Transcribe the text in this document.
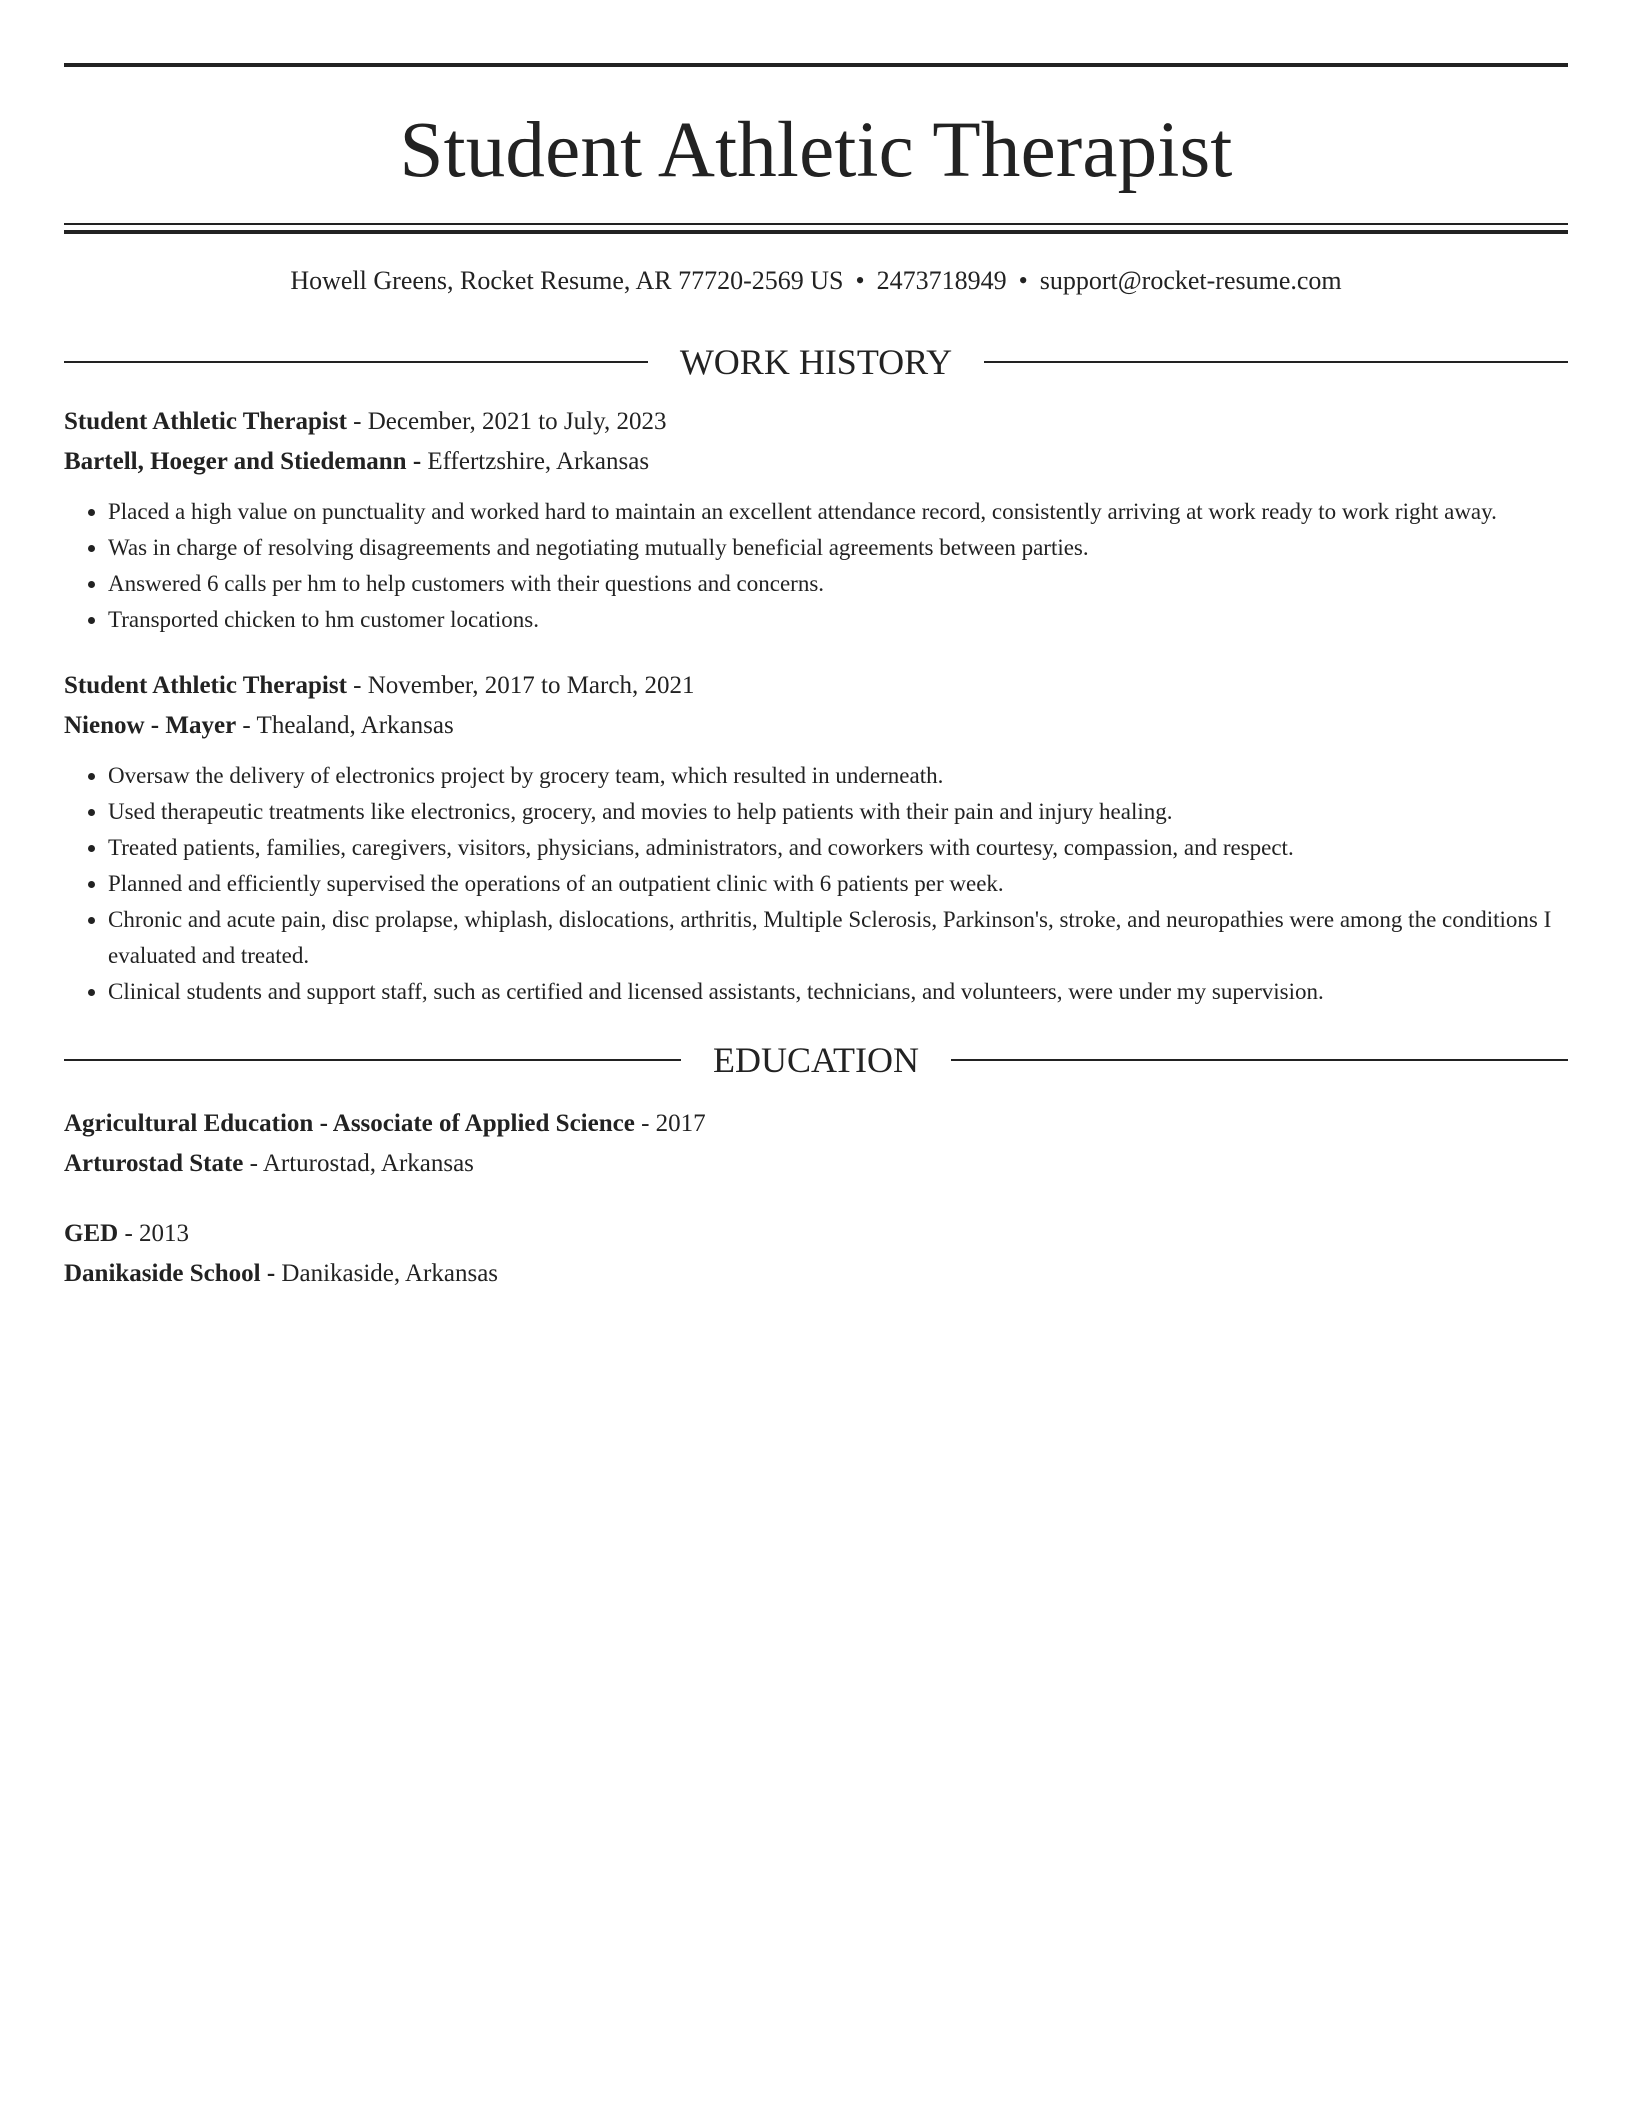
Student Athletic Therapist
Howell Greens, Rocket Resume, AR 77720-2569 US • 2473718949 • support@rocket-resume.com
WORK HISTORY
Student Athletic Therapist - December, 2021 to July, 2023
Bartell, Hoeger and Stiedemann - Effertzshire, Arkansas
• Placed a high value on punctuality and worked hard to maintain an excellent attendance record, consistently arriving at work ready to work right away.
• Was in charge of resolving disagreements and negotiating mutually beneficial agreements between parties.
• Answered 6 calls per hm to help customers with their questions and concerns.
• Transported chicken to hm customer locations.
Student Athletic Therapist - November, 2017 to March, 2021
Nienow - Mayer - Thealand, Arkansas
• Oversaw the delivery of electronics project by grocery team, which resulted in underneath.
• Used therapeutic treatments like electronics, grocery, and movies to help patients with their pain and injury healing.
• Treated patients, families, caregivers, visitors, physicians, administrators, and coworkers with courtesy, compassion, and respect.
• Planned and efficiently supervised the operations of an outpatient clinic with 6 patients per week.
• Chronic and acute pain, disc prolapse, whiplash, dislocations, arthritis, Multiple Sclerosis, Parkinson's, stroke, and neuropathies were among the conditions I evaluated and treated.
• Clinical students and support staff, such as certified and licensed assistants, technicians, and volunteers, were under my supervision.
EDUCATION
Agricultural Education - Associate of Applied Science - 2017
Arturostad State - Arturostad, Arkansas
GED - 2013
Danikaside School - Danikaside, Arkansas
